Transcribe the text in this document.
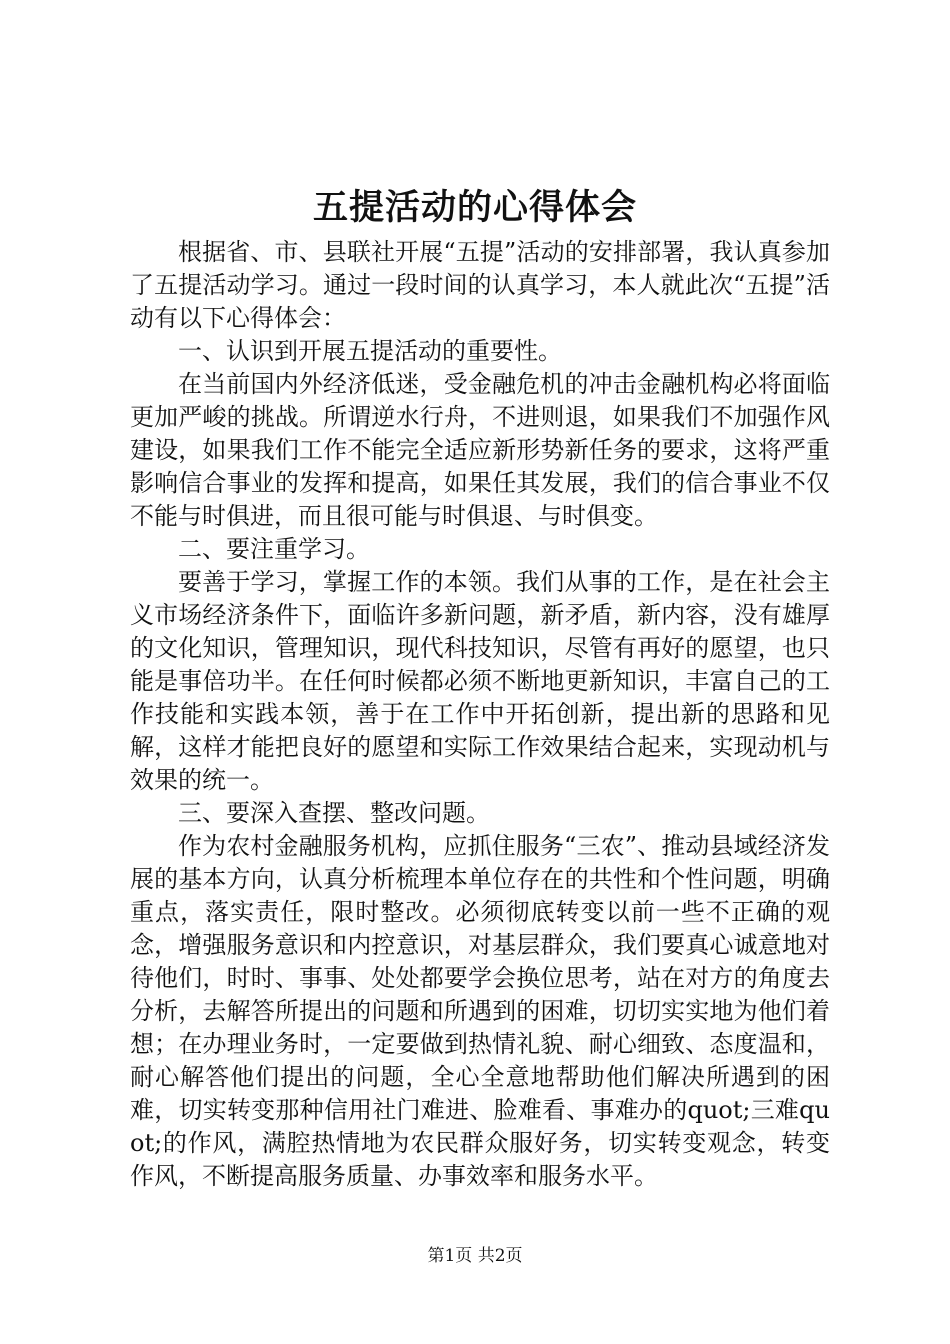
五提活动的心得体会

根据省、市、县联社开展“五提”活动的安排部署，我认真参加了五提活动学习。通过一段时间的认真学习，本人就此次“五提”活动有以下心得体会：

一、认识到开展五提活动的重要性。

在当前国内外经济低迷，受金融危机的冲击金融机构必将面临更加严峻的挑战。所谓逆水行舟，不进则退，如果我们不加强作风建设，如果我们工作不能完全适应新形势新任务的要求，这将严重影响信合事业的发挥和提高，如果任其发展，我们的信合事业不仅不能与时俱进，而且很可能与时俱退、与时俱变。

二、要注重学习。

要善于学习，掌握工作的本领。我们从事的工作，是在社会主义市场经济条件下，面临许多新问题，新矛盾，新内容，没有雄厚的文化知识，管理知识，现代科技知识，尽管有再好的愿望，也只能是事倍功半。在任何时候都必须不断地更新知识，丰富自己的工作技能和实践本领，善于在工作中开拓创新，提出新的思路和见解，这样才能把良好的愿望和实际工作效果结合起来，实现动机与效果的统一。

三、要深入查摆、整改问题。

作为农村金融服务机构，应抓住服务“三农”、推动县域经济发展的基本方向，认真分析梳理本单位存在的共性和个性问题，明确重点，落实责任，限时整改。必须彻底转变以前一些不正确的观念，增强服务意识和内控意识，对基层群众，我们要真心诚意地对待他们，时时、事事、处处都要学会换位思考，站在对方的角度去分析，去解答所提出的问题和所遇到的困难，切切实实地为他们着想；在办理业务时，一定要做到热情礼貌、耐心细致、态度温和，耐心解答他们提出的问题，全心全意地帮助他们解决所遇到的困难，切实转变那种信用社门难进、脸难看、事难办的quot;三难quot;的作风，满腔热情地为农民群众服好务，切实转变观念，转变作风，不断提高服务质量、办事效率和服务水平。

第1页 共2页
